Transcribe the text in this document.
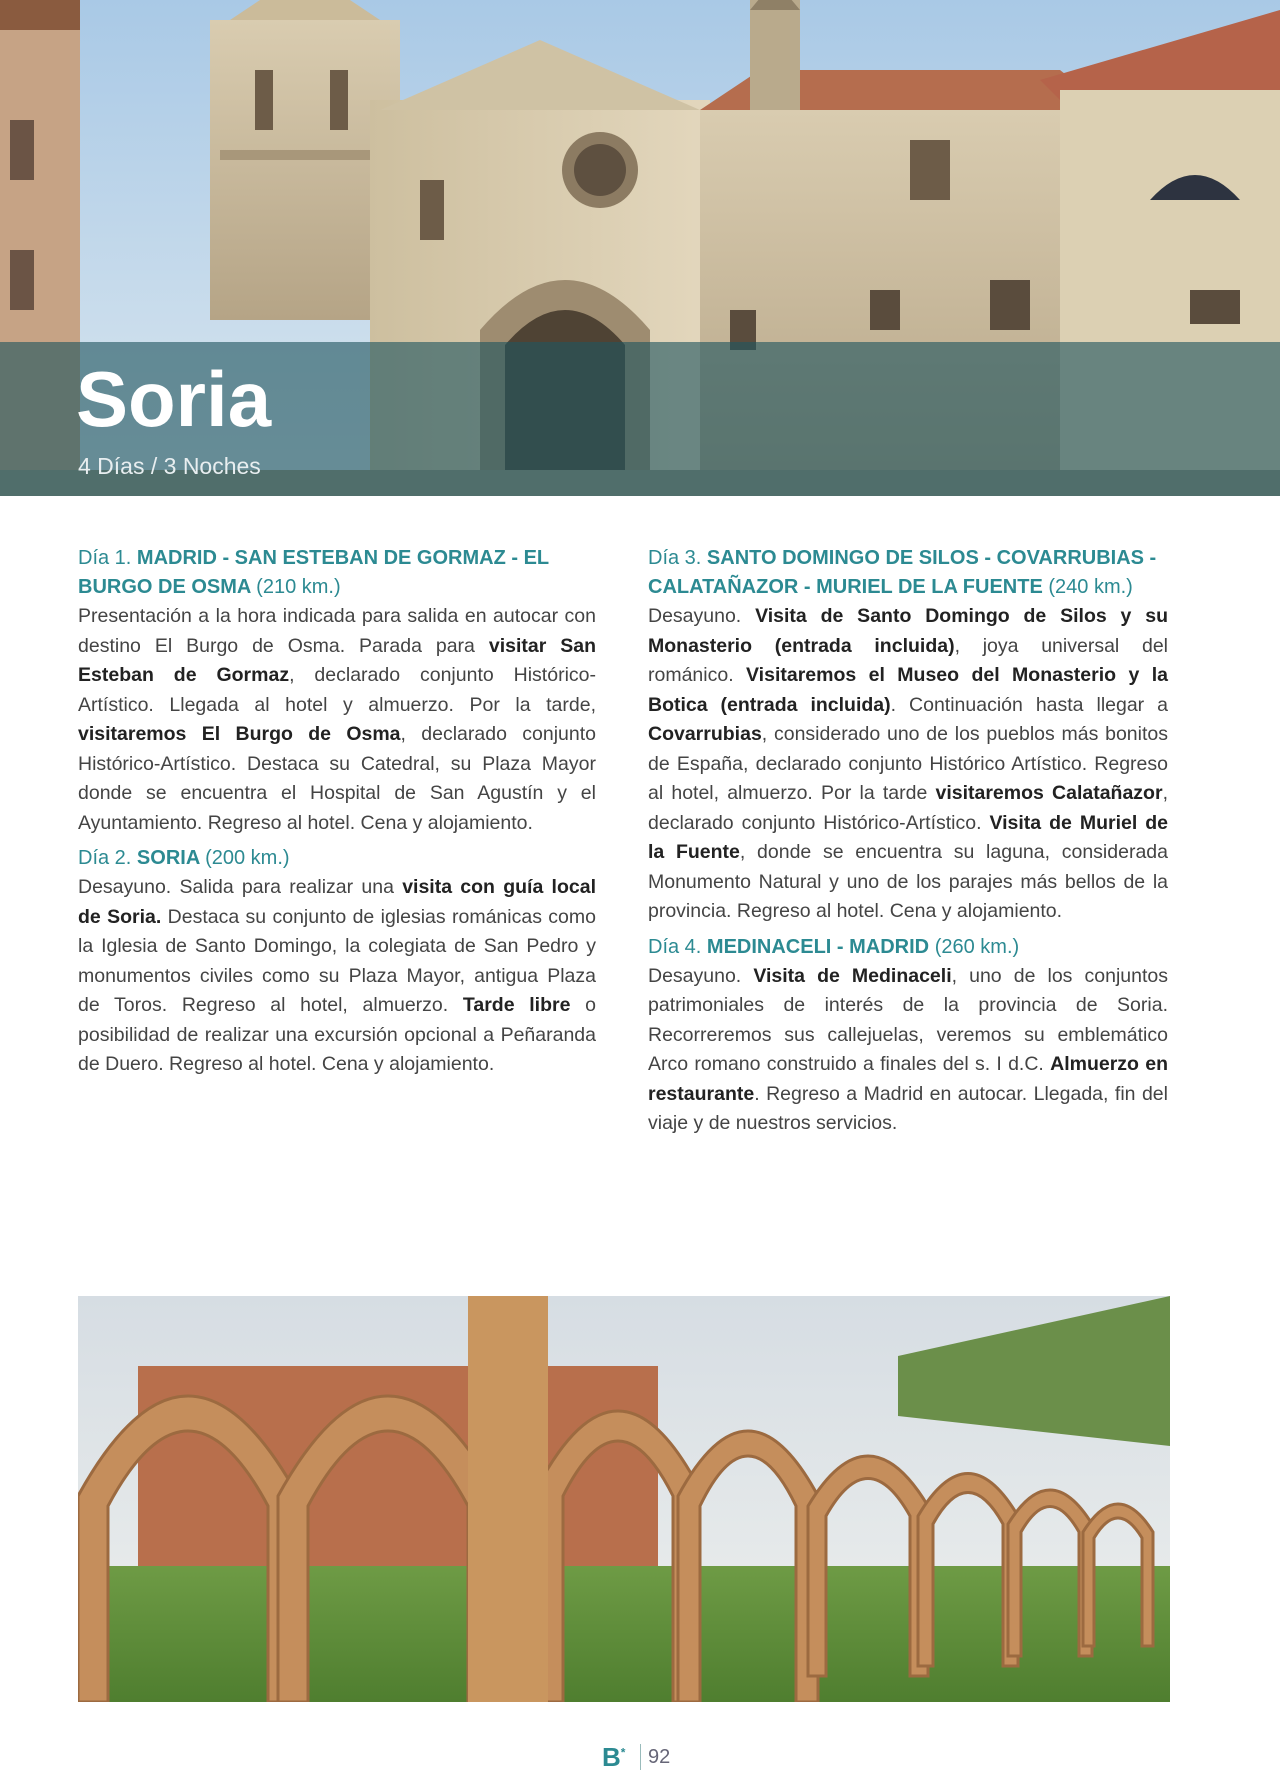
Soria
4 Días / 3 Noches
Día 1. MADRID - SAN ESTEBAN DE GORMAZ - EL BURGO DE OSMA (210 km.)

Presentación a la hora indicada para salida en autocar con destino El Burgo de Osma. Parada para visitar San Esteban de Gormaz, declarado conjunto Histórico-Artístico. Llegada al hotel y almuerzo. Por la tarde, visitaremos El Burgo de Osma, declarado conjunto Histórico-Artístico. Destaca su Catedral, su Plaza Mayor donde se encuentra el Hospital de San Agustín y el Ayuntamiento. Regreso al hotel. Cena y alojamiento.

Día 2. SORIA (200 km.)

Desayuno. Salida para realizar una visita con guía local de Soria. Destaca su conjunto de iglesias románicas como la Iglesia de Santo Domingo, la colegiata de San Pedro y monumentos civiles como su Plaza Mayor, antigua Plaza de Toros. Regreso al hotel, almuerzo. Tarde libre o posibilidad de realizar una excursión opcional a Peñaranda de Duero. Regreso al hotel. Cena y alojamiento.

Día 3. SANTO DOMINGO DE SILOS - COVARRUBIAS - CALATAÑAZOR - MURIEL DE LA FUENTE (240 km.)

Desayuno. Visita de Santo Domingo de Silos y su Monasterio (entrada incluida), joya universal del románico. Visitaremos el Museo del Monasterio y la Botica (entrada incluida). Continuación hasta llegar a Covarrubias, considerado uno de los pueblos más bonitos de España, declarado conjunto Histórico Artístico. Regreso al hotel, almuerzo. Por la tarde visitaremos Calatañazor, declarado conjunto Histórico-Artístico. Visita de Muriel de la Fuente, donde se encuentra su laguna, considerada Monumento Natural y uno de los parajes más bellos de la provincia. Regreso al hotel. Cena y alojamiento.

Día 4. MEDINACELI - MADRID (260 km.)

Desayuno. Visita de Medinaceli, uno de los conjuntos patrimoniales de interés de la provincia de Soria. Recorreremos sus callejuelas, veremos su emblemático Arco romano construido a finales del s. I d.C. Almuerzo en restaurante. Regreso a Madrid en autocar. Llegada, fin del viaje y de nuestros servicios.

B* 92
